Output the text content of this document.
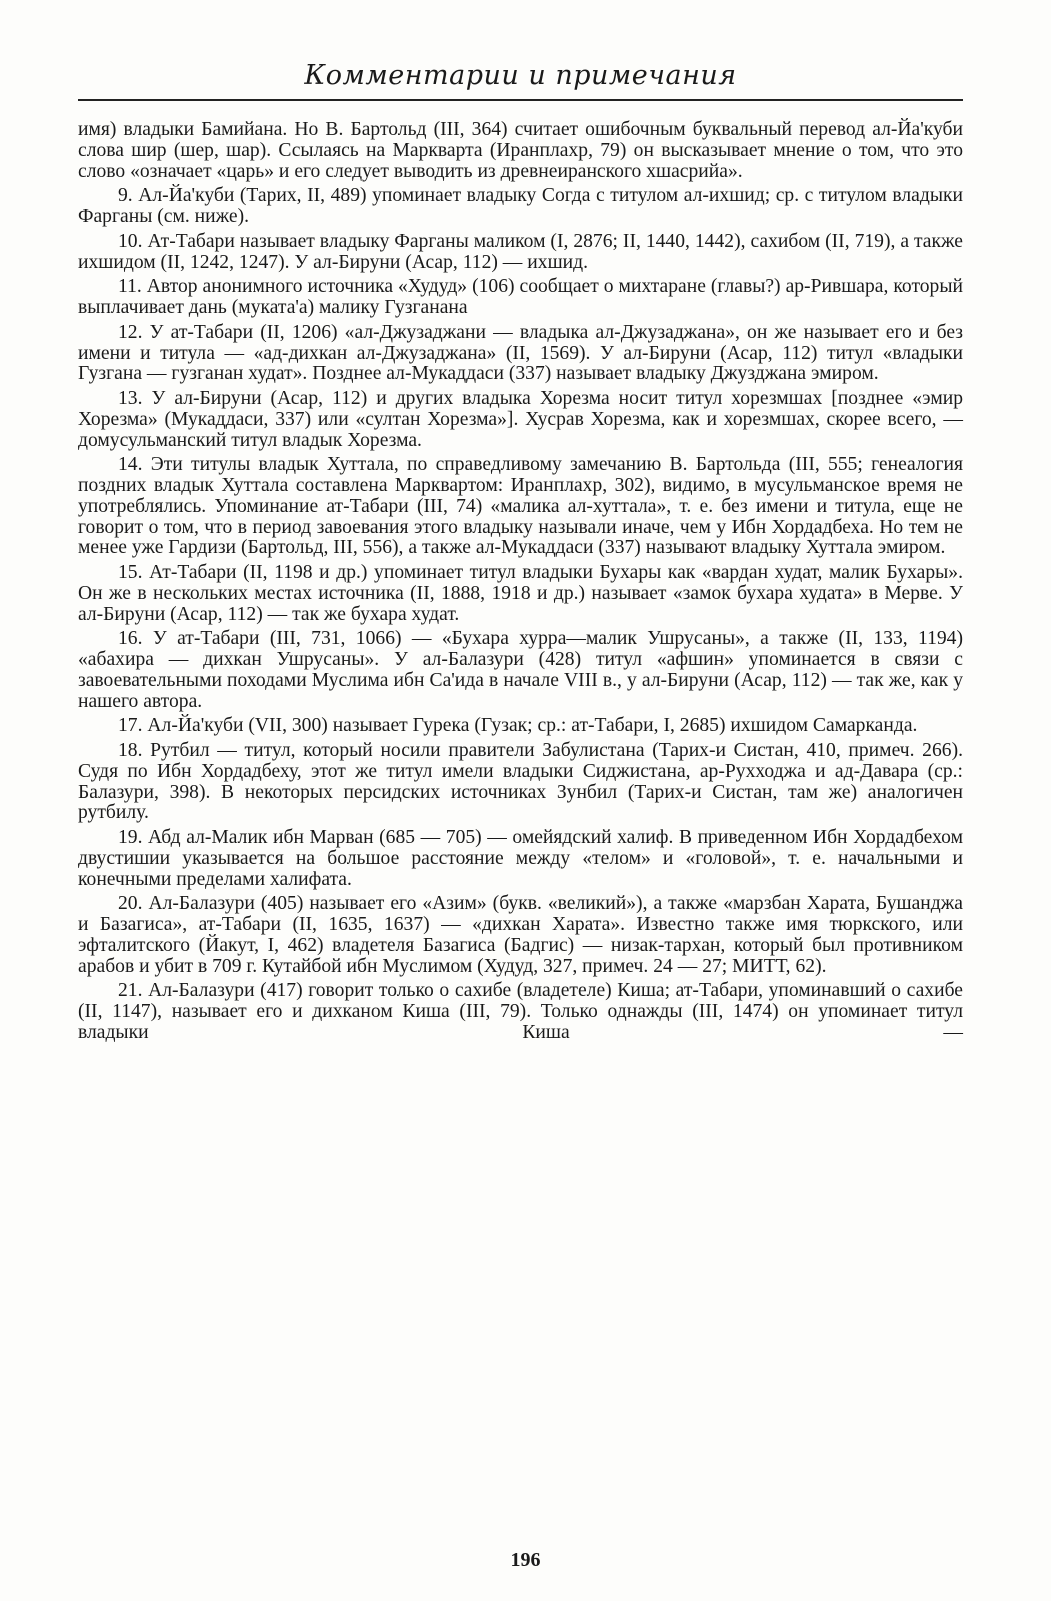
Комментарии и примечания

имя) владыки Бамийана. Но В. Бартольд (III, 364) считает ошибочным буквальный перевод ал-Йа'куби слова шир (шер, шар). Ссылаясь на Маркварта (Иранплахр, 79) он высказывает мнение о том, что это слово «означает «царь» и его следует выводить из древнеиранского хшасрийа».

9. Ал-Йа'куби (Тарих, II, 489) упоминает владыку Согда с титулом ал-ихшид; ср. с титулом владыки Фарганы (см. ниже).

10. Ат-Табари называет владыку Фарганы маликом (I, 2876; II, 1440, 1442), сахибом (II, 719), а также ихшидом (II, 1242, 1247). У ал-Бируни (Асар, 112) — ихшид.

11. Автор анонимного источника «Худуд» (106) сообщает о михтаране (главы?) ар-Рившара, который выплачивает дань (муката'а) малику Гузганана

12. У ат-Табари (II, 1206) «ал-Джузаджани — владыка ал-Джузаджана», он же называет его и без имени и титула — «ад-дихкан ал-Джузаджана» (II, 1569). У ал-Бируни (Асар, 112) титул «владыки Гузгана — гузганан худат». Позднее ал-Мукаддаси (337) называет владыку Джузджана эмиром.

13. У ал-Бируни (Асар, 112) и других владыка Хорезма носит титул хорезмшах [позднее «эмир Хорезма» (Мукаддаси, 337) или «султан Хорезма»]. Хусрав Хорезма, как и хорезмшах, скорее всего, — домусульманский титул владык Хорезма.

14. Эти титулы владык Хуттала, по справедливому замечанию В. Бартольда (III, 555; генеалогия поздних владык Хуттала составлена Марквартом: Иранплахр, 302), видимо, в мусульманское время не употреблялись. Упоминание ат-Табари (III, 74) «малика ал-хуттала», т. е. без имени и титула, еще не говорит о том, что в период завоевания этого владыку называли иначе, чем у Ибн Хордадбеха. Но тем не менее уже Гардизи (Бартольд, III, 556), а также ал-Мукаддаси (337) называют владыку Хуттала эмиром.

15. Ат-Табари (II, 1198 и др.) упоминает титул владыки Бухары как «вардан худат, малик Бухары». Он же в нескольких местах источника (II, 1888, 1918 и др.) называет «замок бухара худата» в Мерве. У ал-Бируни (Асар, 112) — так же бухара худат.

16. У ат-Табари (III, 731, 1066) — «Бухара хурра—малик Ушрусаны», а также (II, 133, 1194) «абахира — дихкан Ушрусаны». У ал-Балазури (428) титул «афшин» упоминается в связи с завоевательными походами Муслима ибн Са'ида в начале VIII в., у ал-Бируни (Асар, 112) — так же, как у нашего автора.

17. Ал-Йа'куби (VII, 300) называет Гурека (Гузак; ср.: ат-Табари, I, 2685) ихшидом Самарканда.

18. Рутбил — титул, который носили правители Забулистана (Тарих-и Систан, 410, примеч. 266). Судя по Ибн Хордадбеху, этот же титул имели владыки Сиджистана, ар-Рухходжа и ад-Давара (ср.: Балазури, 398). В некоторых персидских источниках Зунбил (Тарих-и Систан, там же) аналогичен рутбилу.

19. Абд ал-Малик ибн Марван (685 — 705) — омейядский халиф. В приведенном Ибн Хордадбехом двустишии указывается на большое расстояние между «телом» и «головой», т. е. начальными и конечными пределами халифата.

20. Ал-Балазури (405) называет его «Азим» (букв. «великий»), а также «марзбан Харата, Бушанджа и Базагиса», ат-Табари (II, 1635, 1637) — «дихкан Харата». Известно также имя тюркского, или эфталитского (Йакут, I, 462) владетеля Базагиса (Бадгис) — низак-тархан, который был противником арабов и убит в 709 г. Кутайбой ибн Муслимом (Худуд, 327, примеч. 24 — 27; МИТТ, 62).

21. Ал-Балазури (417) говорит только о сахибе (владетеле) Киша; ат-Табари, упоминавший о сахибе (II, 1147), называет его и дихканом Киша (III, 79). Только однажды (III, 1474) он упоминает титул владыки Киша —

196
